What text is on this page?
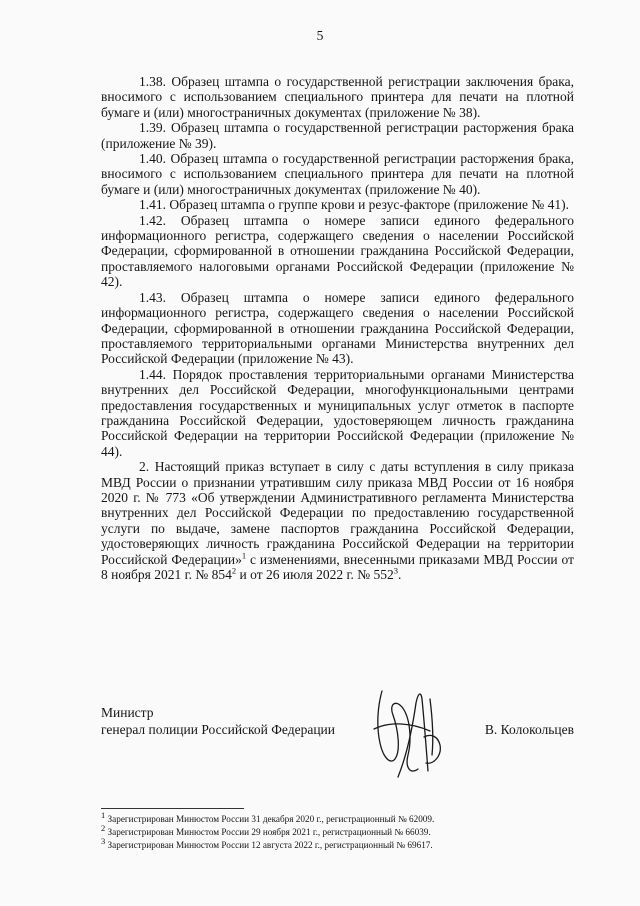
5

1.38. Образец штампа о государственной регистрации заключения брака, вносимого с использованием специального принтера для печати на плотной бумаге и (или) многостраничных документах (приложение № 38).

1.39. Образец штампа о государственной регистрации расторжения брака (приложение № 39).

1.40. Образец штампа о государственной регистрации расторжения брака, вносимого с использованием специального принтера для печати на плотной бумаге и (или) многостраничных документах (приложение № 40).

1.41. Образец штампа о группе крови и резус-факторе (приложение № 41).

1.42. Образец штампа о номере записи единого федерального информационного регистра, содержащего сведения о населении Российской Федерации, сформированной в отношении гражданина Российской Федерации, проставляемого налоговыми органами Российской Федерации (приложение № 42).

1.43. Образец штампа о номере записи единого федерального информационного регистра, содержащего сведения о населении Российской Федерации, сформированной в отношении гражданина Российской Федерации, проставляемого территориальными органами Министерства внутренних дел Российской Федерации (приложение № 43).

1.44. Порядок проставления территориальными органами Министерства внутренних дел Российской Федерации, многофункциональными центрами предоставления государственных и муниципальных услуг отметок в паспорте гражданина Российской Федерации, удостоверяющем личность гражданина Российской Федерации на территории Российской Федерации (приложение № 44).

2. Настоящий приказ вступает в силу с даты вступления в силу приказа МВД России о признании утратившим силу приказа МВД России от 16 ноября 2020 г. № 773 «Об утверждении Административного регламента Министерства внутренних дел Российской Федерации по предоставлению государственной услуги по выдаче, замене паспортов гражданина Российской Федерации, удостоверяющих личность гражданина Российской Федерации на территории Российской Федерации»$^1$ с изменениями, внесенными приказами МВД России от 8 ноября 2021 г. № $854^2$ и от 26 июля 2022 г. № $552^3$.

Министр
генерал полиции Российской Федерации	В. Колокольцев

$^1$ Зарегистрирован Минюстом России 31 декабря 2020 г., регистрационный № 62009.

$^2$ Зарегистрирован Минюстом России 29 ноября 2021 г., регистрационный № 66039.

$^3$ Зарегистрирован Минюстом России 12 августа 2022 г., регистрационный № 69617.
